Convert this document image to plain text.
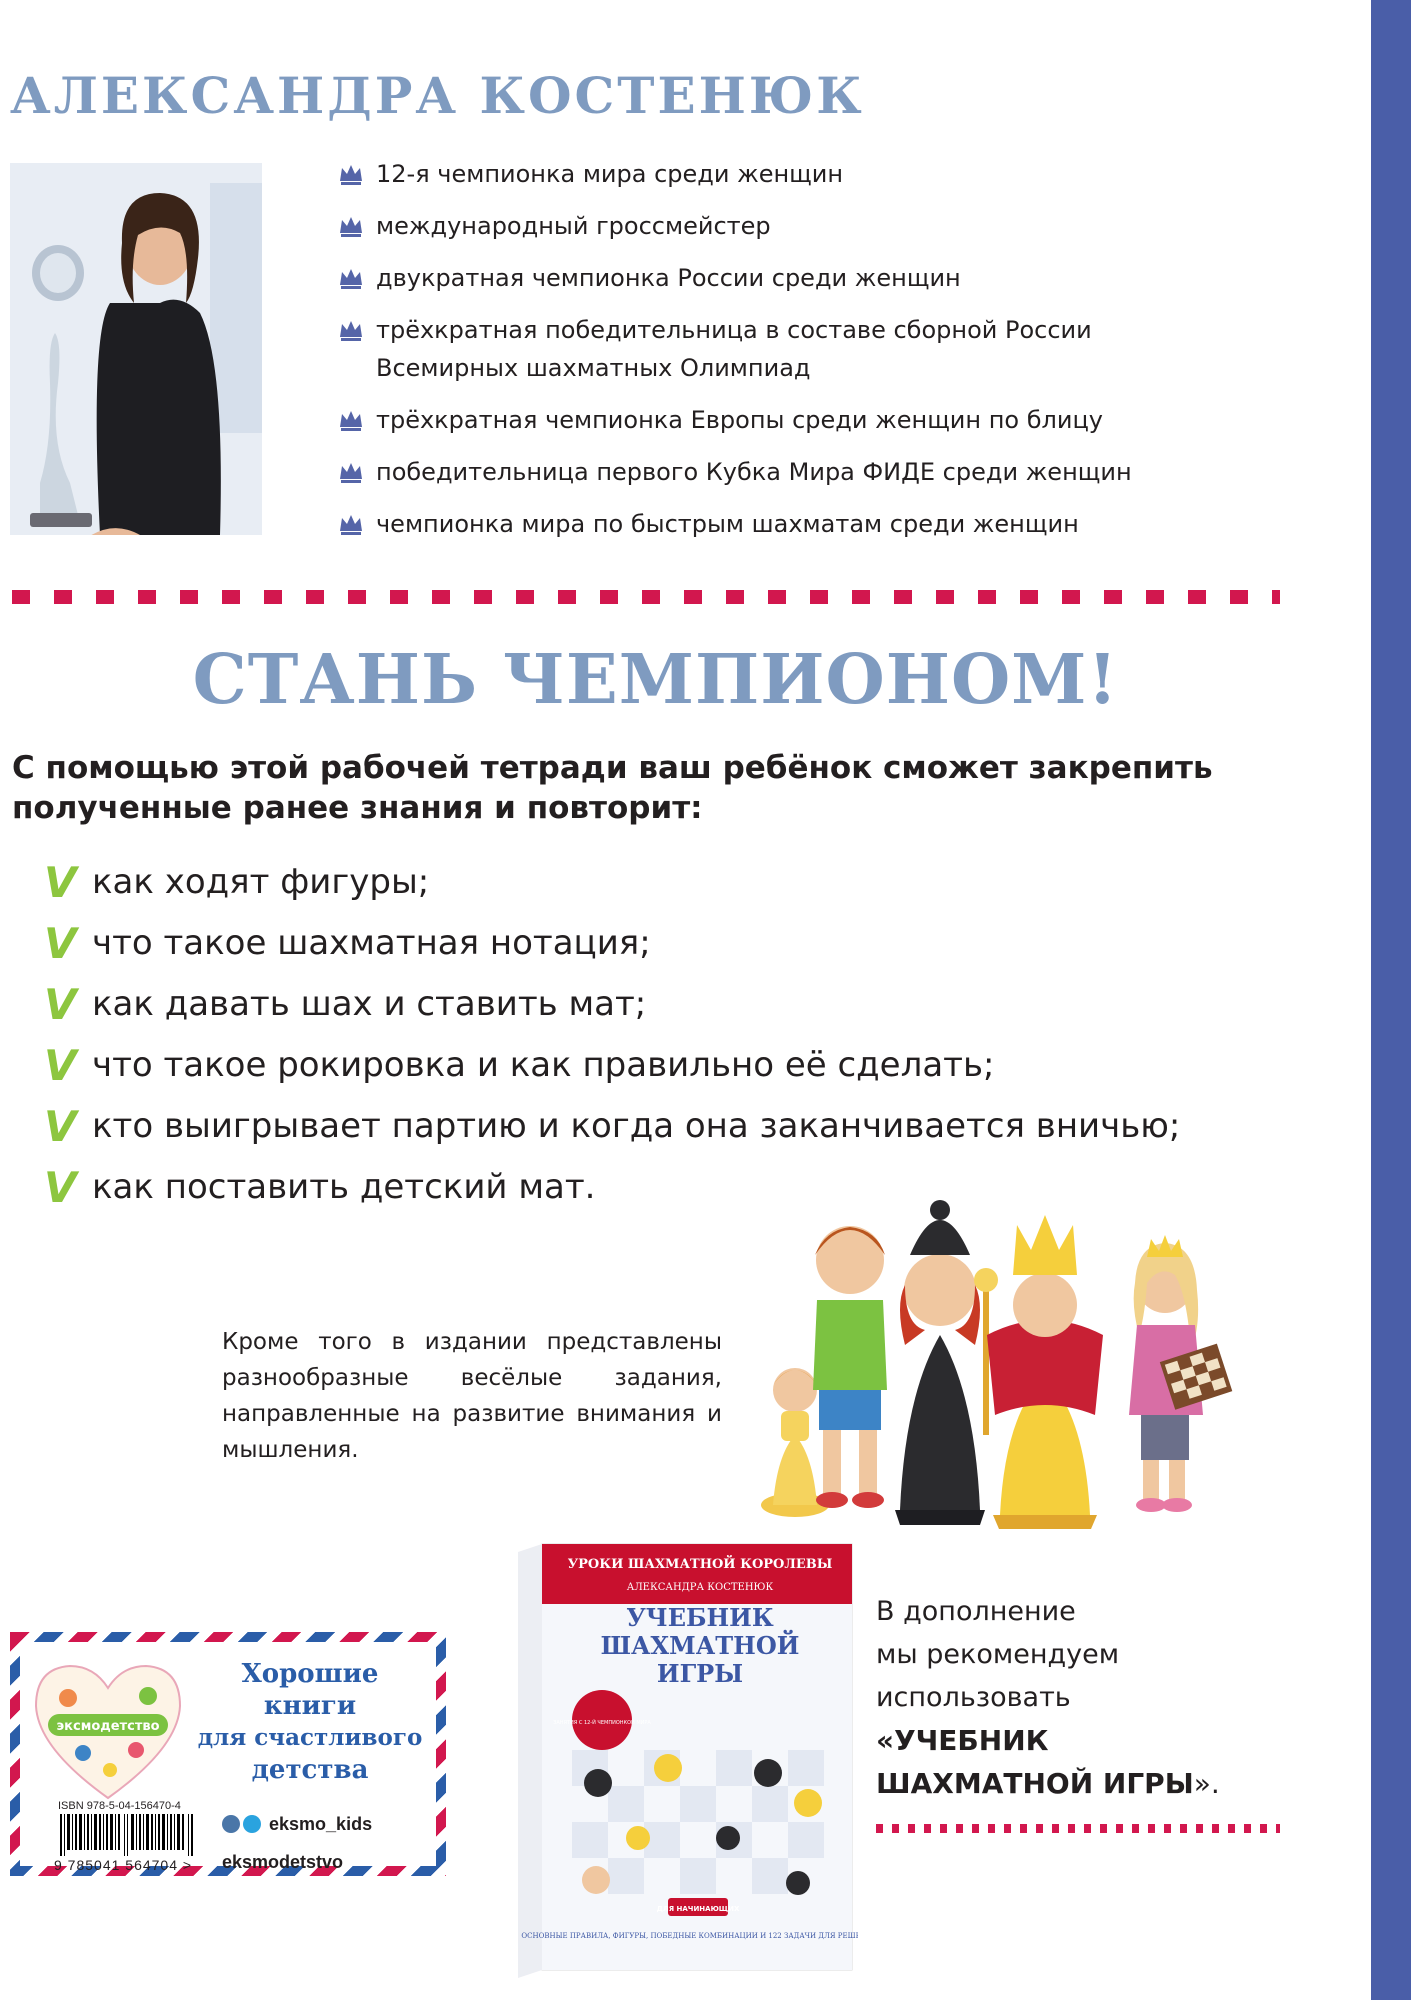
АЛЕКСАНДРА КОСТЕНЮК
12-я чемпионка мира среди женщин
международный гроссмейстер
двукратная чемпионка России среди женщин
трёхкратная победительница в составе сборной России Всемирных шахматных Олимпиад
трёхкратная чемпионка Европы среди женщин по блицу
победительница первого Кубка Мира ФИДЕ среди женщин
чемпионка мира по быстрым шахматам среди женщин
СТАНЬ ЧЕМПИОНОМ!
С помощью этой рабочей тетради ваш ребёнок сможет закрепить полученные ранее знания и повторит:
V как ходят фигуры;
V что такое шахматная нотация;
V как давать шах и ставить мат;
V что такое рокировка и как правильно её сделать;
V кто выигрывает партию и когда она заканчивается вничью;
V как поставить детский мат.
Кроме того в издании представлены разнообразные весёлые задания, направленные на развитие внимания и мышления.
УРОКИ ШАХМАТНОЙ КОРОЛЕВЫ
АЛЕКСАНДРА КОСТЕНЮК
УЧЕБНИК
ШАХМАТНОЙ
ИГРЫ
ЗАНЯТИЯ С 12-Й ЧЕМПИОНКОЙ МИРА
ДЛЯ НАЧИНАЮЩИХ
ОСНОВНЫЕ ПРАВИЛА, ФИГУРЫ, ПОБЕДНЫЕ КОМБИНАЦИИ И 122 ЗАДАЧИ ДЛЯ РЕШЕНИЯ
В дополнение
мы рекомендуем
использовать
«УЧЕБНИК
ШАХМАТНОЙ ИГРЫ».
эксмодетство
Хорошие
книги
для счастливого
детства
ISBN 978-5-04-156470-4
9 785041 564704 >
eksmo_kids
eksmodetstvo
